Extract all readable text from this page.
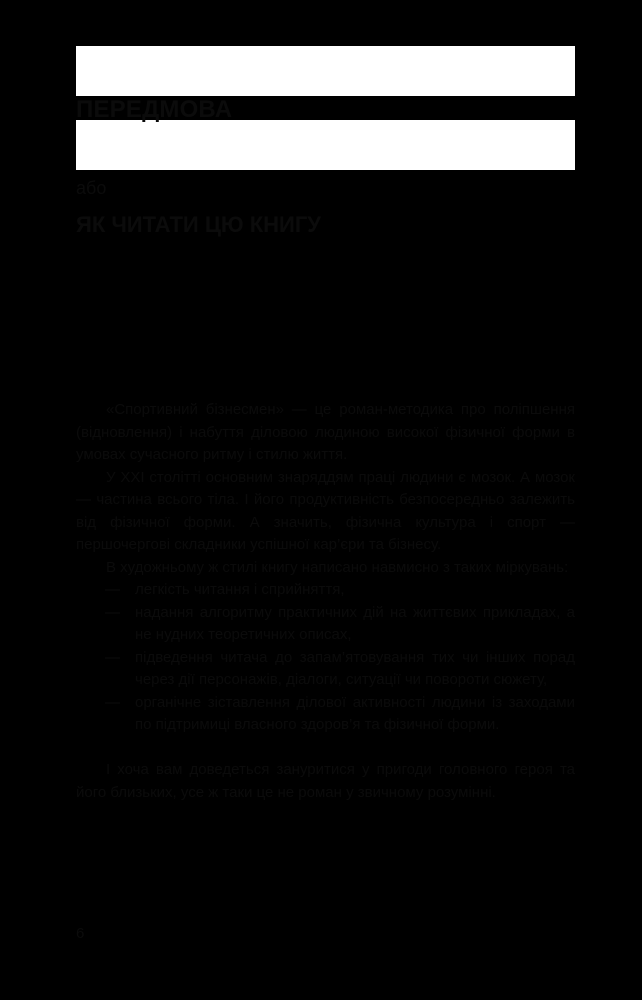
ПЕРЕДМОВА
або
ЯК ЧИТАТИ ЦЮ КНИГУ

«Спортивний бізнесмен» — це роман-методика про поліпшення (відновлення) і набуття діловою людиною високої фізичної форми в умовах сучасного ритму і стилю життя.

У XXI столітті основним знаряддям праці людини є мозок. А мозок — частина всього тіла. І його продуктивність безпосередньо залежить від фізичної форми. А значить, фізична культура і спорт — першочергові складники успішної кар’єри та бізнесу.

В художньому ж стилі книгу написано навмисно з таких міркувань:

— легкість читання і сприйняття,
— надання алгоритму практичних дій на життєвих прикладах, а не нудних теоретичних описах,
— підведення читача до запам’ятовування тих чи інших порад через дії персонажів, діалоги, ситуації чи повороти сюжету,
— органічне зіставлення ділової активності людини із заходами по підтримиці власного здоров’я та фізичної форми.

І хоча вам доведеться зануритися у пригоди головного героя та його близьких, усе ж таки це не роман у звичному розумінні.

6
